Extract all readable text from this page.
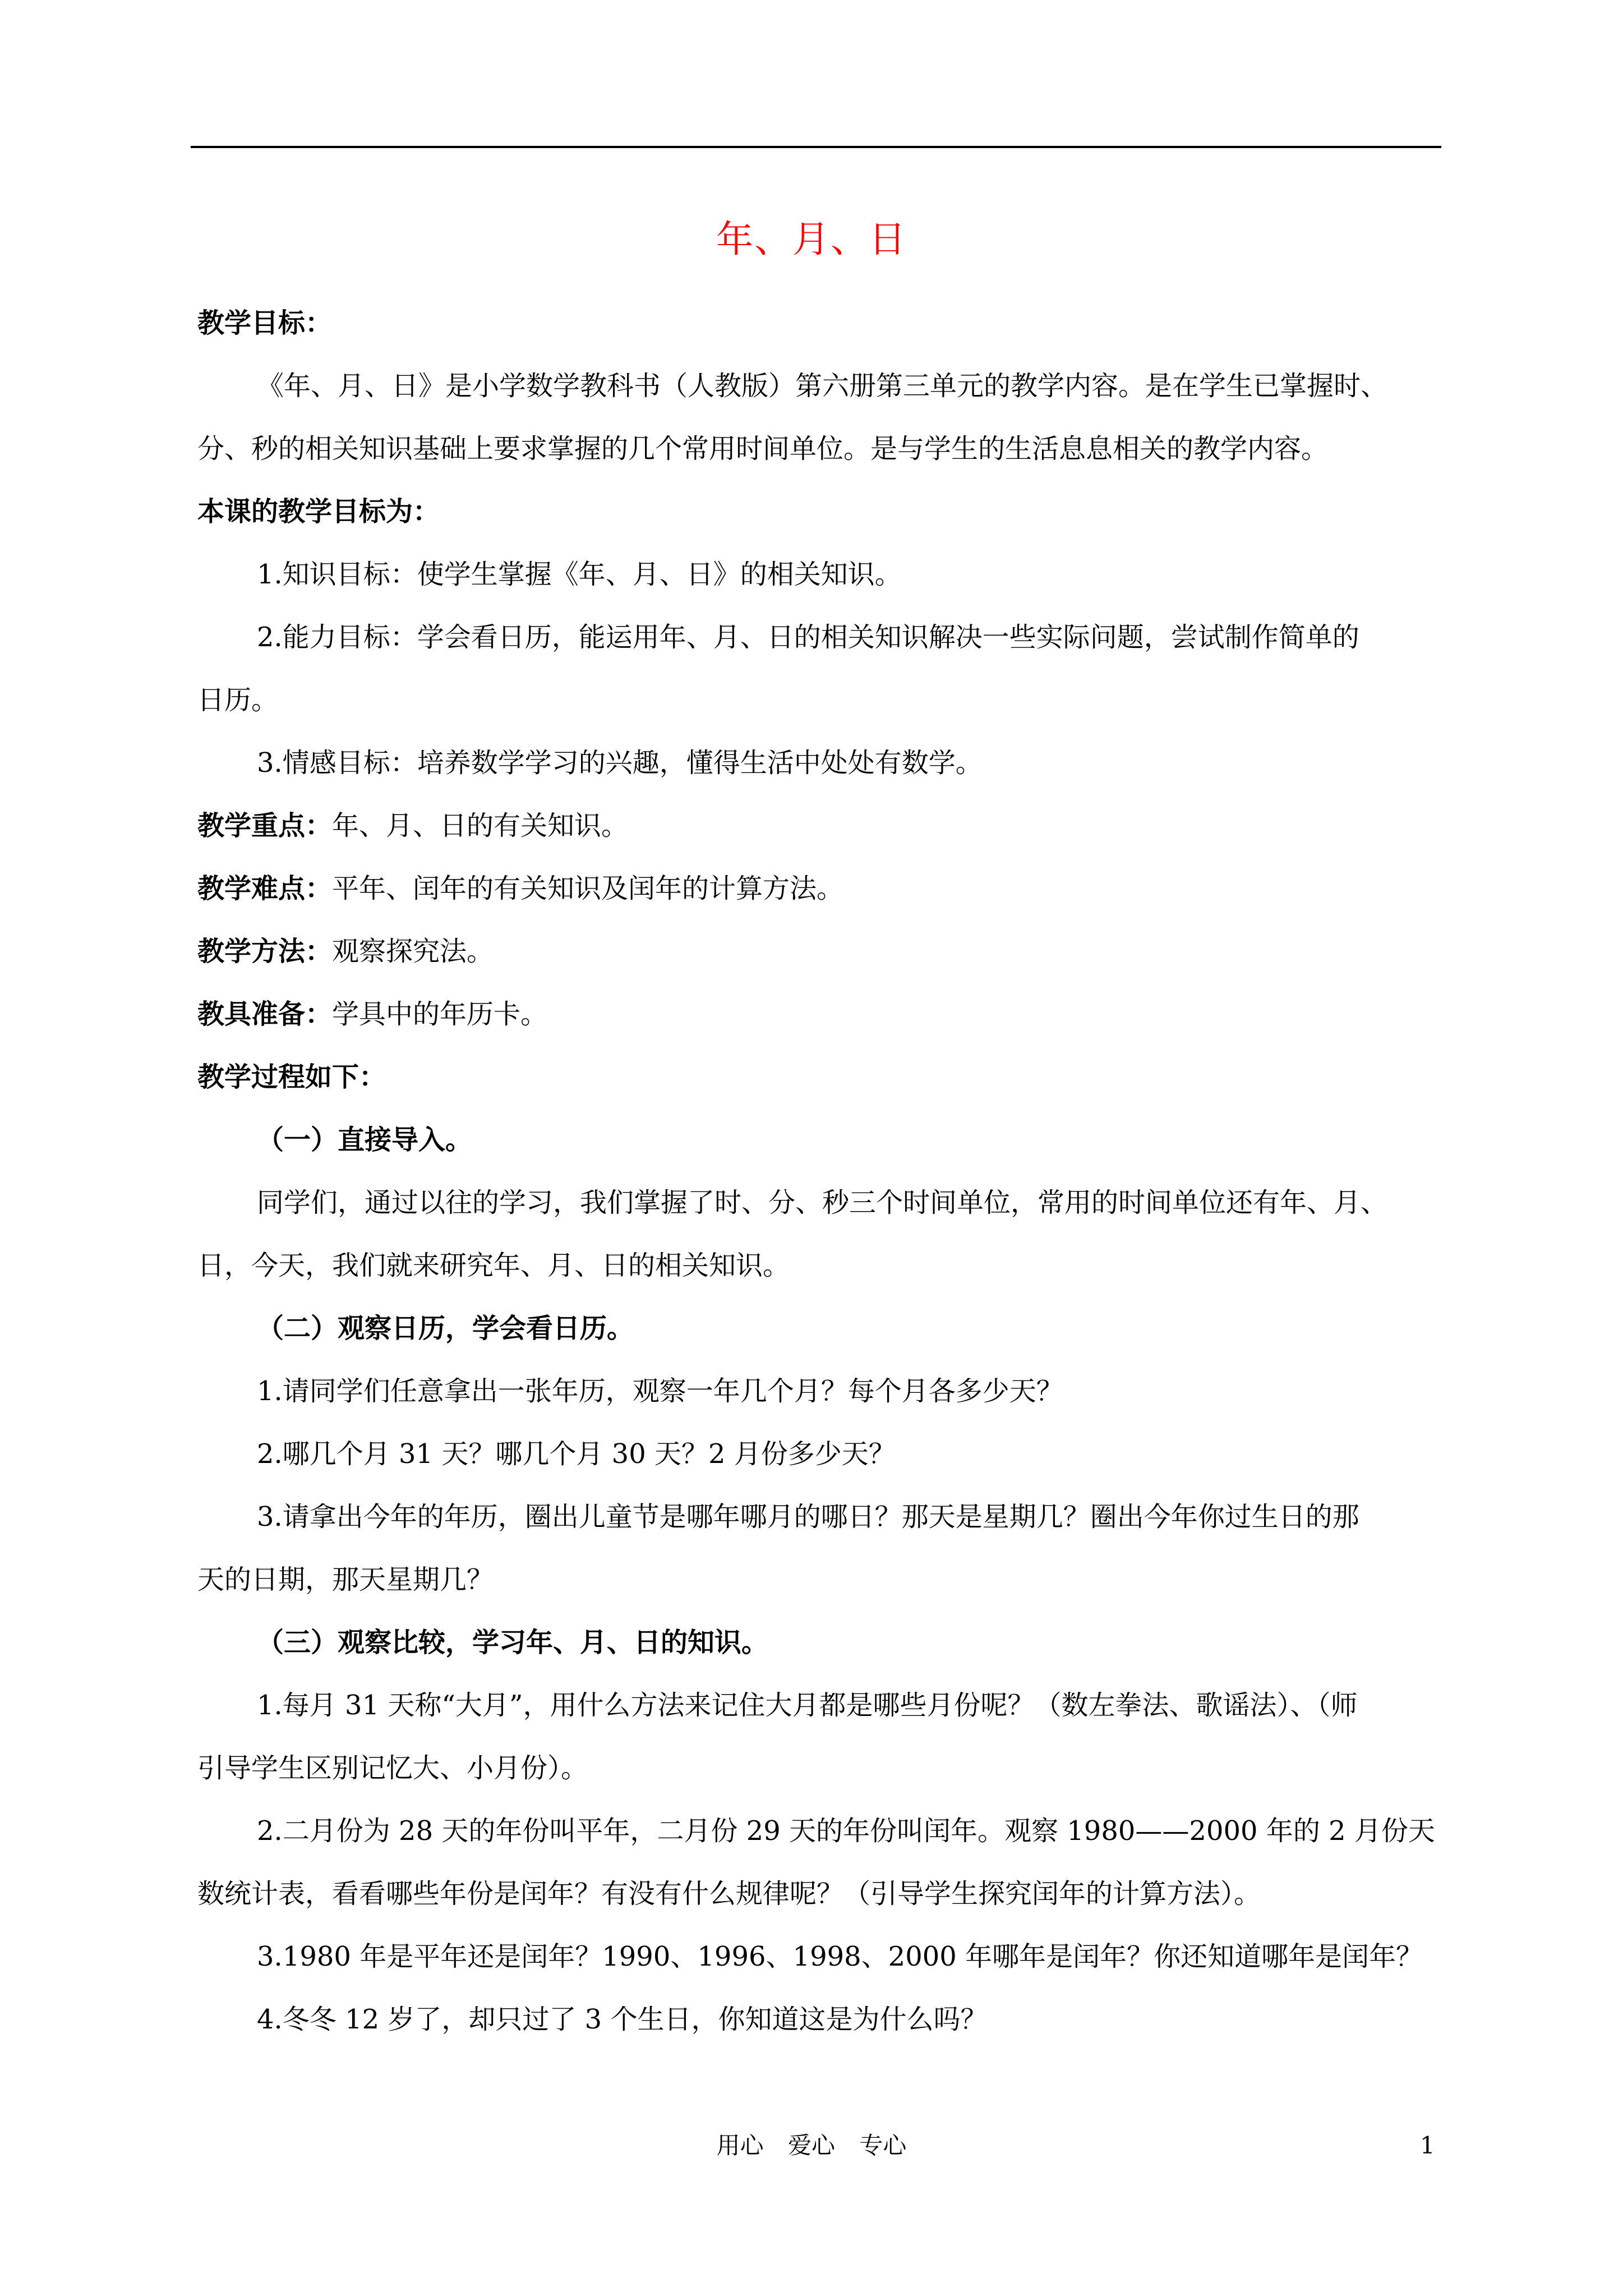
年、月、日
教学目标：
《年、月、日》是小学数学教科书（人教版）第六册第三单元的教学内容。是在学生已掌握时、
分、秒的相关知识基础上要求掌握的几个常用时间单位。是与学生的生活息息相关的教学内容。
本课的教学目标为：
1.知识目标：使学生掌握《年、月、日》的相关知识。
2.能力目标：学会看日历，能运用年、月、日的相关知识解决一些实际问题，尝试制作简单的
日历。
3.情感目标：培养数学学习的兴趣，懂得生活中处处有数学。
教学重点：年、月、日的有关知识。
教学难点：平年、闰年的有关知识及闰年的计算方法。
教学方法：观察探究法。
教具准备：学具中的年历卡。
教学过程如下：
（一）直接导入。
同学们，通过以往的学习，我们掌握了时、分、秒三个时间单位，常用的时间单位还有年、月、
日，今天，我们就来研究年、月、日的相关知识。
（二）观察日历，学会看日历。
1.请同学们任意拿出一张年历，观察一年几个月？每个月各多少天？
2.哪几个月 31 天？哪几个月 30 天？2 月份多少天？
3.请拿出今年的年历，圈出儿童节是哪年哪月的哪日？那天是星期几？圈出今年你过生日的那
天的日期，那天星期几？
（三）观察比较，学习年、月、日的知识。
1.每月 31 天称“大月”，用什么方法来记住大月都是哪些月份呢？（数左拳法、歌谣法）、（师
引导学生区别记忆大、小月份）。
2.二月份为 28 天的年份叫平年，二月份 29 天的年份叫闰年。观察 1980——2000 年的 2 月份天
数统计表，看看哪些年份是闰年？有没有什么规律呢？（引导学生探究闰年的计算方法）。
3.1980 年是平年还是闰年？1990、1996、1998、2000 年哪年是闰年？你还知道哪年是闰年？
4.冬冬 12 岁了，却只过了 3 个生日，你知道这是为什么吗？
用心 爱心 专心	1
